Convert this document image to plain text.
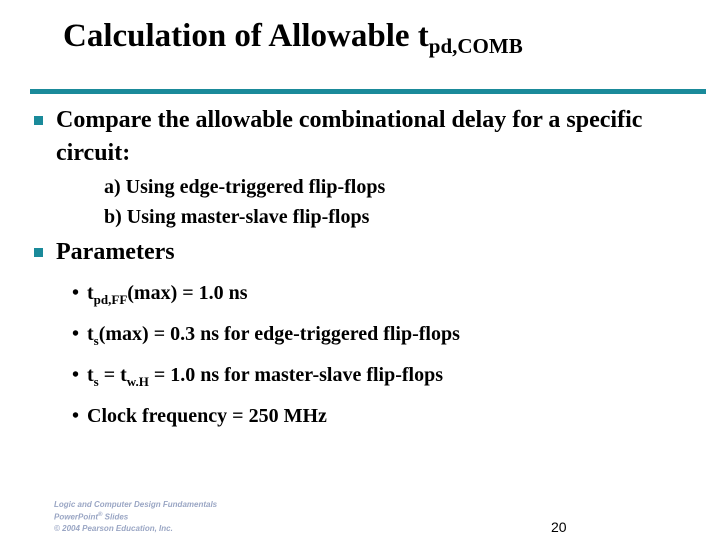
Calculation of Allowable $t_{pd,COMB}$
Compare the allowable combinational delay for a specific circuit:
a) Using edge-triggered flip-flops
b) Using master-slave flip-flops
Parameters
• $t_{pd,FF}(\max) = 1.0$ ns
• $t_s(\max) = 0.3$ ns for edge-triggered flip-flops
• $t_s = t_{w.H} = 1.0$ ns for master-slave flip-flops
• Clock frequency = 250 MHz
Logic and Computer Design Fundamentals
PowerPoint® Slides
© 2004 Pearson Education, Inc.	20
